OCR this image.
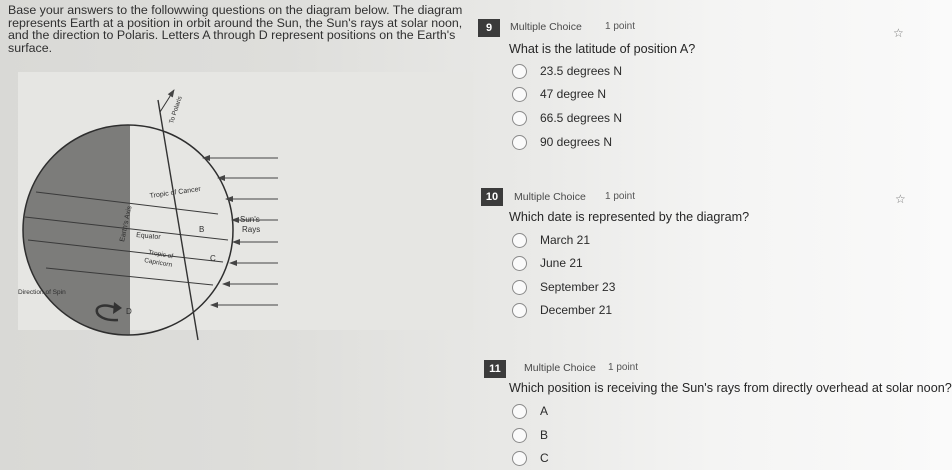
Base your answers to the followwing questions on the diagram below. The diagram
represents Earth at a position in orbit around the Sun, the Sun's rays at solar noon,
and the direction to Polaris. Letters A through D represent positions on the Earth's
surface.
To Polaris
Tropic of Cancer
Equator
Tropic of
Capricorn
Earth's Axis	Sun's
Rays
Direction of Spin
B
C
D
9	Multiple Choice 1 point	☆
What is the latitude of position A?
23.5 degrees N
47 degree N
66.5 degrees N
90 degrees N
10	Multiple Choice 1 point	☆
Which date is represented by the diagram?
March 21
June 21
September 23
December 21
11	Multiple Choice 1 point
Which position is receiving the Sun's rays from directly overhead at solar noon?
A
B
C
